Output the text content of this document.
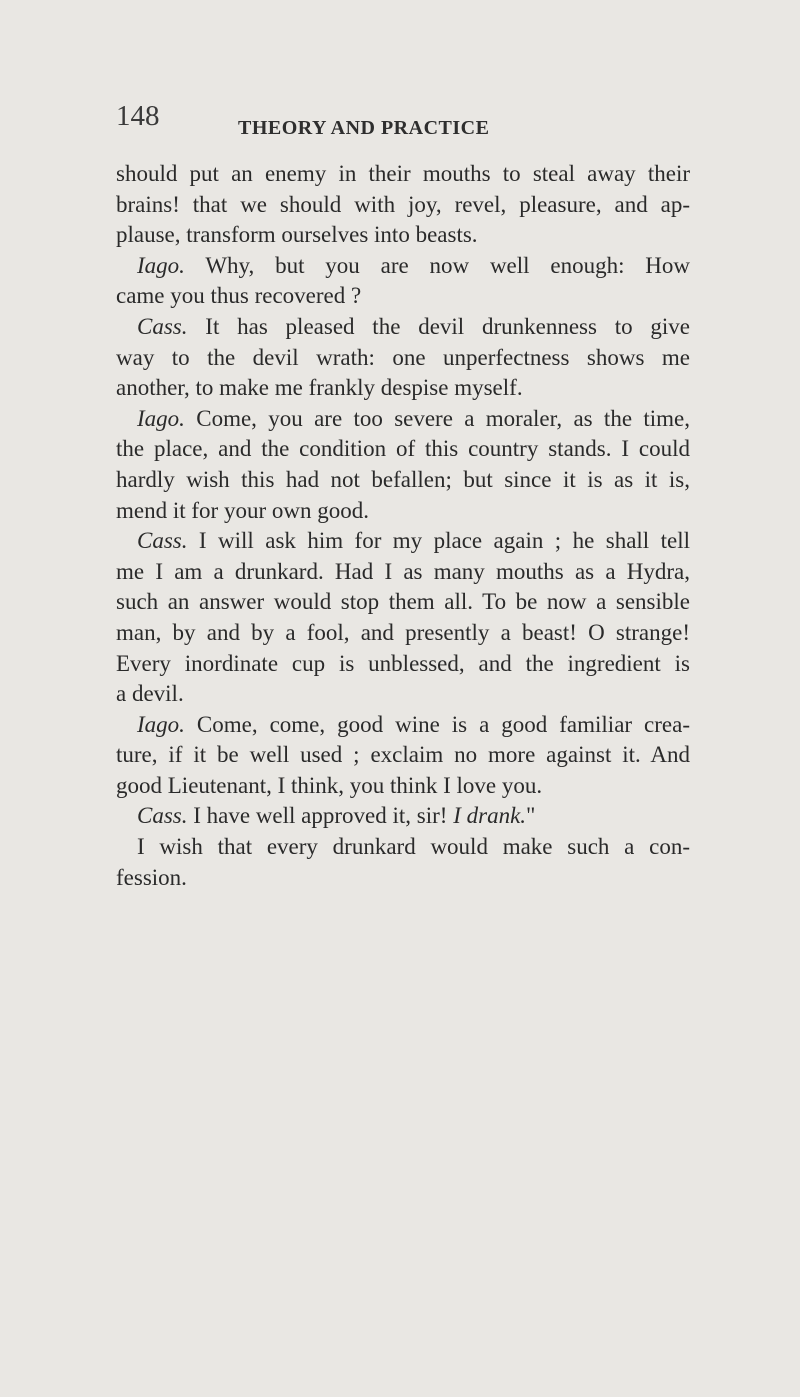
148	THEORY AND PRACTICE
should put an enemy in their mouths to steal away their
brains! that we should with joy, revel, pleasure, and ap-
plause, transform ourselves into beasts.
Iago. Why, but you are now well enough: How
came you thus recovered ?
Cass. It has pleased the devil drunkenness to give
way to the devil wrath: one unperfectness shows me
another, to make me frankly despise myself.
Iago. Come, you are too severe a moraler, as the time,
the place, and the condition of this country stands. I could
hardly wish this had not befallen; but since it is as it is,
mend it for your own good.
Cass. I will ask him for my place again ; he shall tell
me I am a drunkard. Had I as many mouths as a Hydra,
such an answer would stop them all. To be now a sensible
man, by and by a fool, and presently a beast! O strange!
Every inordinate cup is unblessed, and the ingredient is
a devil.
Iago. Come, come, good wine is a good familiar crea-
ture, if it be well used ; exclaim no more against it. And
good Lieutenant, I think, you think I love you.
Cass. I have well approved it, sir! I drank."
I wish that every drunkard would make such a con-
fession.
